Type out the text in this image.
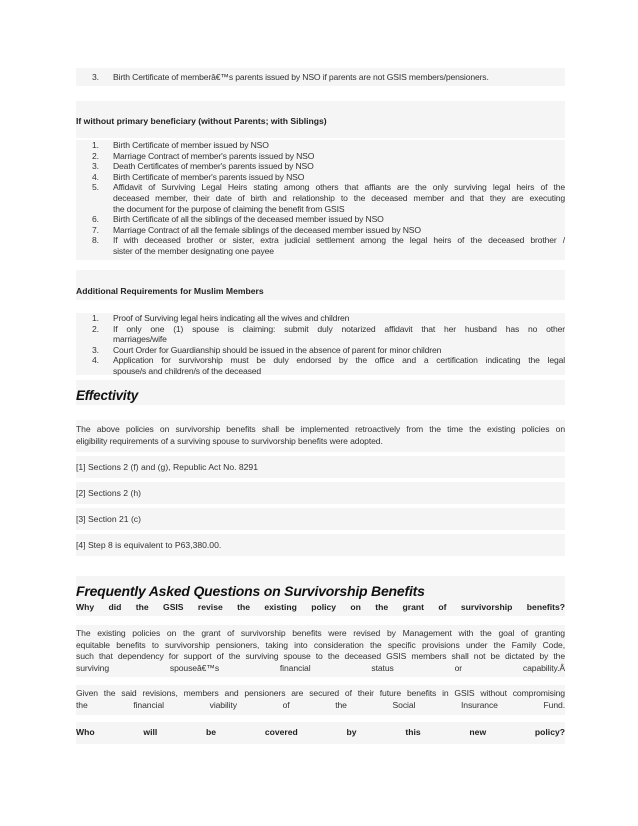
3. Birth Certificate of memberâ€™s parents issued by NSO if parents are not GSIS members/pensioners.
If without primary beneficiary (without Parents; with Siblings)
1. Birth Certificate of member issued by NSO
2. Marriage Contract of member's parents issued by NSO
3. Death Certificates of member's parents issued by NSO
4. Birth Certificate of member's parents issued by NSO
5. Affidavit of Surviving Legal Heirs stating among others that affiants are the only surviving legal heirs of the
deceased member, their date of birth and relationship to the deceased member and that they are executing
the document for the purpose of claiming the benefit from GSIS
6. Birth Certificate of all the siblings of the deceased member issued by NSO
7. Marriage Contract of all the female siblings of the deceased member issued by NSO
8. If with deceased brother or sister, extra judicial settlement among the legal heirs of the deceased brother /
sister of the member designating one payee
Additional Requirements for Muslim Members
1. Proof of Surviving legal heirs indicating all the wives and children
2. If only one (1) spouse is claiming: submit duly notarized affidavit that her husband has no other
marriages/wife
3. Court Order for Guardianship should be issued in the absence of parent for minor children
4. Application for survivorship must be duly endorsed by the office and a certification indicating the legal
spouse/s and children/s of the deceased
Effectivity
The above policies on survivorship benefits shall be implemented retroactively from the time the existing policies on
eligibility requirements of a surviving spouse to survivorship benefits were adopted.
[1] Sections 2 (f) and (g), Republic Act No. 8291
[2] Sections 2 (h)
[3] Section 21 (c)
[4] Step 8 is equivalent to P63,380.00.
Frequently Asked Questions on Survivorship Benefits
Why did the GSIS revise the existing policy on the grant of survivorship benefits?
The existing policies on the grant of survivorship benefits were revised by Management with the goal of granting
equitable benefits to survivorship pensioners, taking into consideration the specific provisions under the Family Code,
such that dependency for support of the surviving spouse to the deceased GSIS members shall not be dictated by the
surviving spouseâ€™s financial status or capability.Â
Given the said revisions, members and pensioners are secured of their future benefits in GSIS without compromising
the financial viability of the Social Insurance Fund.
Who will be covered by this new policy?
